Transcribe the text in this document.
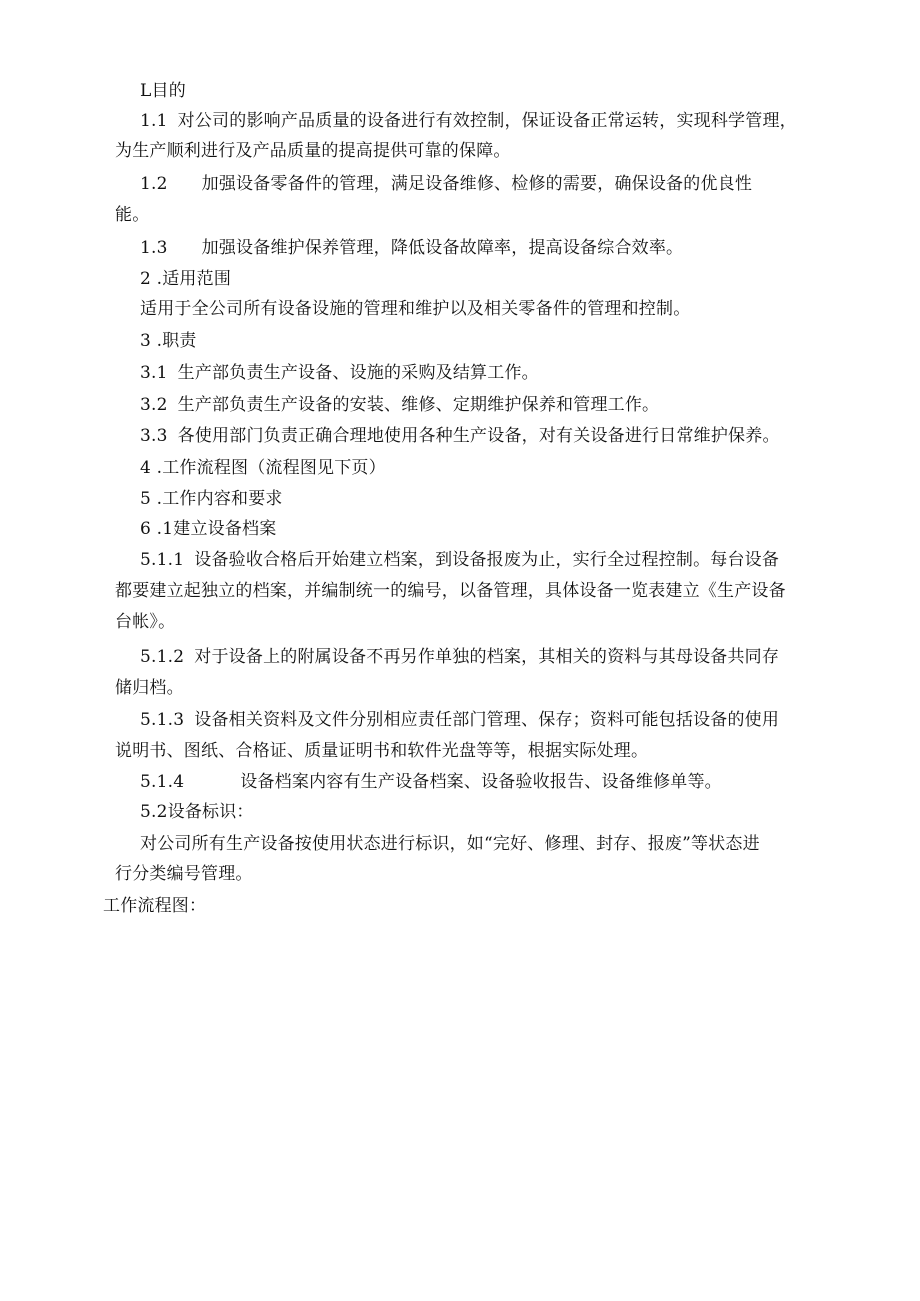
L目的
1.1 对公司的影响产品质量的设备进行有效控制，保证设备正常运转，实现科学管理，
为生产顺利进行及产品质量的提高提供可靠的保障。
1.2 加强设备零备件的管理，满足设备维修、检修的需要，确保设备的优良性
能。
1.3 加强设备维护保养管理，降低设备故障率，提高设备综合效率。
2 .适用范围
适用于全公司所有设备设施的管理和维护以及相关零备件的管理和控制。
3 .职责
3.1 生产部负责生产设备、设施的采购及结算工作。
3.2 生产部负责生产设备的安装、维修、定期维护保养和管理工作。
3.3 各使用部门负责正确合理地使用各种生产设备，对有关设备进行日常维护保养。
4 .工作流程图（流程图见下页）
5 .工作内容和要求
6 .1建立设备档案
5.1.1 设备验收合格后开始建立档案，到设备报废为止，实行全过程控制。每台设备
都要建立起独立的档案，并编制统一的编号，以备管理，具体设备一览表建立《生产设备
台帐》。
5.1.2 对于设备上的附属设备不再另作单独的档案，其相关的资料与其母设备共同存
储归档。
5.1.3 设备相关资料及文件分别相应责任部门管理、保存；资料可能包括设备的使用
说明书、图纸、合格证、质量证明书和软件光盘等等，根据实际处理。
5.1.4	设备档案内容有生产设备档案、设备验收报告、设备维修单等。
5.2设备标识：
对公司所有生产设备按使用状态进行标识，如“完好、修理、封存、报废”等状态进
行分类编号管理。
工作流程图：
